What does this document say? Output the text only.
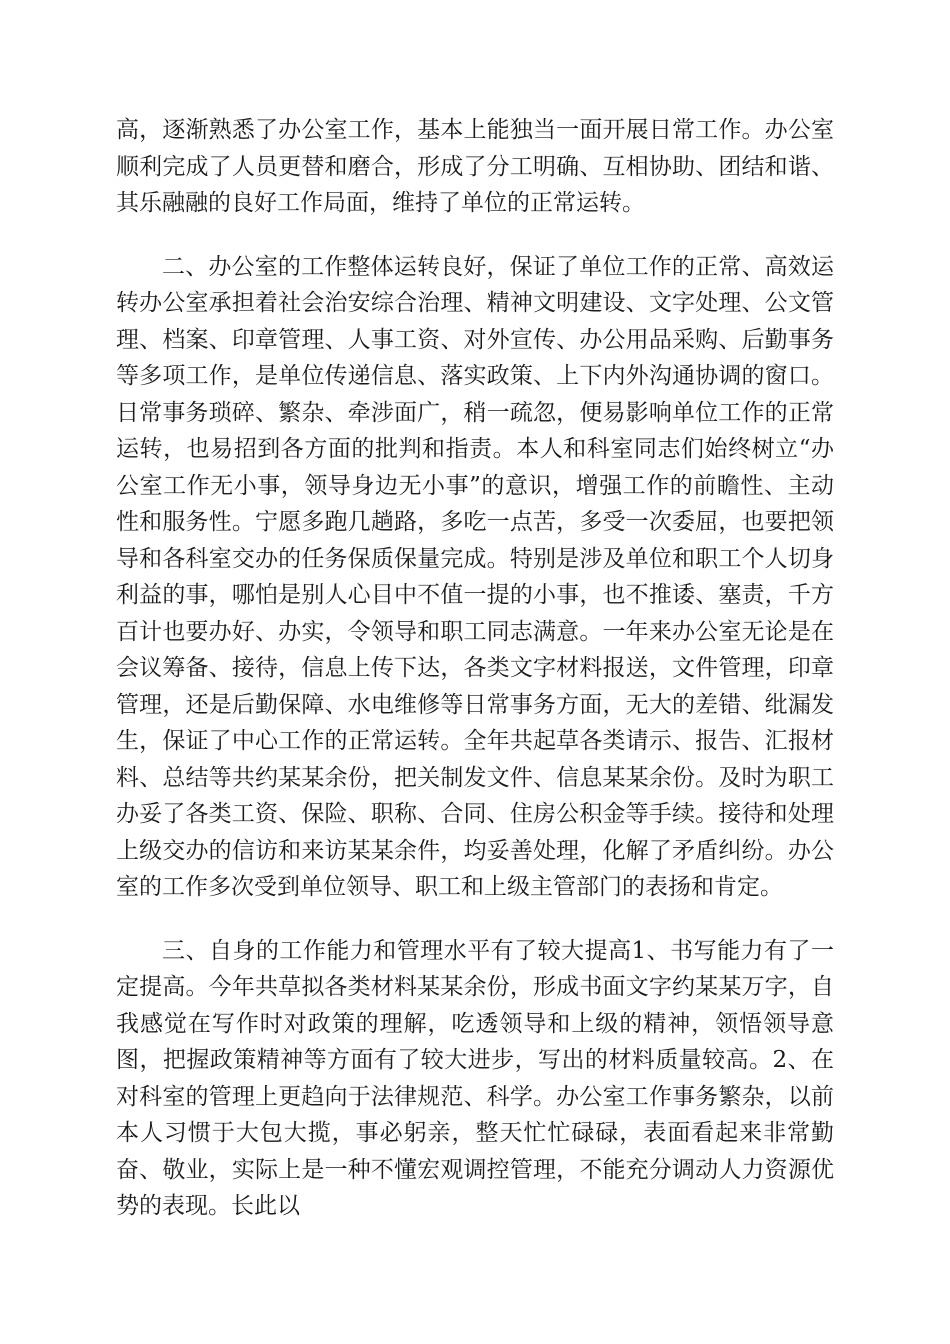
高，逐渐熟悉了办公室工作，基本上能独当一面开展日常工作。办公室顺利完成了人员更替和磨合，形成了分工明确、互相协助、团结和谐、其乐融融的良好工作局面，维持了单位的正常运转。

二、办公室的工作整体运转良好，保证了单位工作的正常、高效运转办公室承担着社会治安综合治理、精神文明建设、文字处理、公文管理、档案、印章管理、人事工资、对外宣传、办公用品采购、后勤事务等多项工作，是单位传递信息、落实政策、上下内外沟通协调的窗口。日常事务琐碎、繁杂、牵涉面广，稍一疏忽，便易影响单位工作的正常运转，也易招到各方面的批判和指责。本人和科室同志们始终树立“办公室工作无小事，领导身边无小事”的意识，增强工作的前瞻性、主动性和服务性。宁愿多跑几趟路，多吃一点苦，多受一次委屈，也要把领导和各科室交办的任务保质保量完成。特别是涉及单位和职工个人切身利益的事，哪怕是别人心目中不值一提的小事，也不推诿、塞责，千方百计也要办好、办实，令领导和职工同志满意。一年来办公室无论是在会议筹备、接待，信息上传下达，各类文字材料报送，文件管理，印章管理，还是后勤保障、水电维修等日常事务方面，无大的差错、纰漏发生，保证了中心工作的正常运转。全年共起草各类请示、报告、汇报材料、总结等共约某某余份，把关制发文件、信息某某余份。及时为职工办妥了各类工资、保险、职称、合同、住房公积金等手续。接待和处理上级交办的信访和来访某某余件，均妥善处理，化解了矛盾纠纷。办公室的工作多次受到单位领导、职工和上级主管部门的表扬和肯定。

三、自身的工作能力和管理水平有了较大提高1、书写能力有了一定提高。今年共草拟各类材料某某余份，形成书面文字约某某万字，自我感觉在写作时对政策的理解，吃透领导和上级的精神，领悟领导意图，把握政策精神等方面有了较大进步，写出的材料质量较高。2、在对科室的管理上更趋向于法律规范、科学。办公室工作事务繁杂，以前本人习惯于大包大揽，事必躬亲，整天忙忙碌碌，表面看起来非常勤奋、敬业，实际上是一种不懂宏观调控管理，不能充分调动人力资源优势的表现。长此以
